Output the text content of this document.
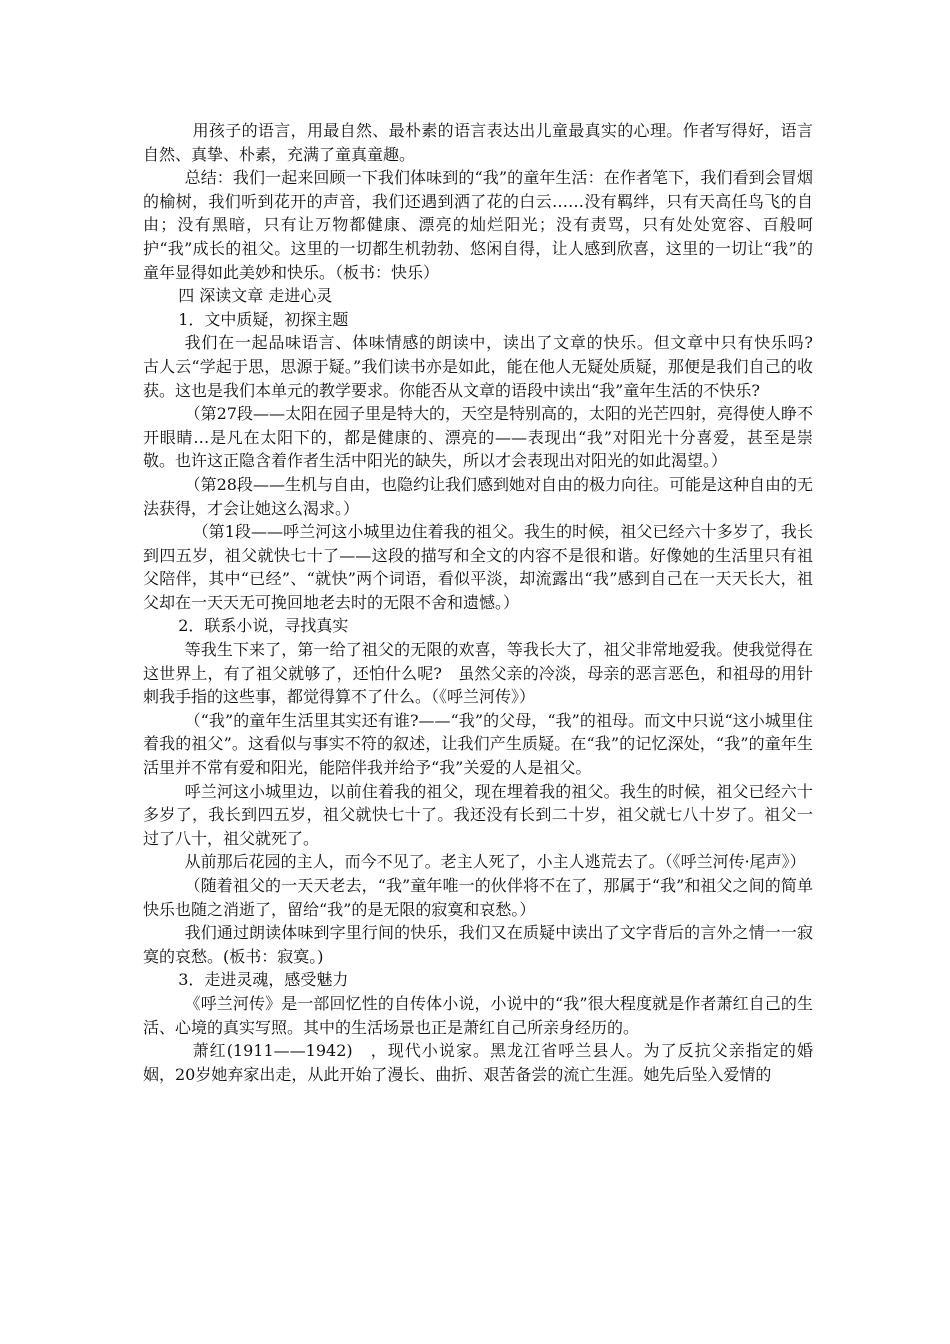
用孩子的语言，用最自然、最朴素的语言表达出儿童最真实的心理。作者写得好，语言自然、真挚、朴素，充满了童真童趣。

总结：我们一起来回顾一下我们体味到的“我”的童年生活：在作者笔下，我们看到会冒烟的榆树，我们听到花开的声音，我们还遇到洒了花的白云……没有羁绊，只有天高任鸟飞的自由；没有黑暗，只有让万物都健康、漂亮的灿烂阳光；没有责骂，只有处处宽容、百般呵护“我”成长的祖父。这里的一切都生机勃勃、悠闲自得，让人感到欣喜，这里的一切让“我”的童年显得如此美妙和快乐。（板书：快乐）

四 深读文章 走进心灵

1．文中质疑，初探主题

我们在一起品味语言、体味情感的朗读中，读出了文章的快乐。但文章中只有快乐吗?　古人云“学起于思，思源于疑。”我们读书亦是如此，能在他人无疑处质疑，那便是我们自己的收获。这也是我们本单元的教学要求。你能否从文章的语段中读出“我”童年生活的不快乐?

（第27段——太阳在园子里是特大的，天空是特别高的，太阳的光芒四射，亮得使人睁不开眼睛…是凡在太阳下的，都是健康的、漂亮的——表现出“我”对阳光十分喜爱，甚至是崇敬。也许这正隐含着作者生活中阳光的缺失，所以才会表现出对阳光的如此渴望。）

（第28段——生机与自由，也隐约让我们感到她对自由的极力向往。可能是这种自由的无法获得，才会让她这么渴求。）

（第1段——呼兰河这小城里边住着我的祖父。我生的时候，祖父已经六十多岁了，我长到四五岁，祖父就快七十了——这段的描写和全文的内容不是很和谐。好像她的生活里只有祖父陪伴，其中“已经”、“就快”两个词语，看似平淡，却流露出“我”感到自己在一天天长大，祖父却在一天天无可挽回地老去时的无限不舍和遗憾。）

2．联系小说，寻找真实

等我生下来了，第一给了祖父的无限的欢喜，等我长大了，祖父非常地爱我。使我觉得在这世界上，有了祖父就够了，还怕什么呢?　虽然父亲的冷淡，母亲的恶言恶色，和祖母的用针刺我手指的这些事，都觉得算不了什么。（《呼兰河传》）

（“我”的童年生活里其实还有谁?——“我”的父母，“我”的祖母。而文中只说“这小城里住着我的祖父”。这看似与事实不符的叙述，让我们产生质疑。在“我”的记忆深处，“我”的童年生活里并不常有爱和阳光，能陪伴我并给予“我”关爱的人是祖父。

呼兰河这小城里边，以前住着我的祖父，现在埋着我的祖父。我生的时候，祖父已经六十多岁了，我长到四五岁，祖父就快七十了。我还没有长到二十岁，祖父就七八十岁了。祖父一过了八十，祖父就死了。

从前那后花园的主人，而今不见了。老主人死了，小主人逃荒去了。（《呼兰河传·尾声》）

（随着祖父的一天天老去，“我”童年唯一的伙伴将不在了，那属于“我”和祖父之间的简单快乐也随之消逝了，留给“我”的是无限的寂寞和哀愁。）

我们通过朗读体味到字里行间的快乐，我们又在质疑中读出了文字背后的言外之情一一寂寞的哀愁。(板书：寂寞。)

3．走进灵魂，感受魅力

《呼兰河传》是一部回忆性的自传体小说，小说中的“我”很大程度就是作者萧红自己的生活、心境的真实写照。其中的生活场景也正是萧红自己所亲身经历的。

萧红(1911——1942)　，现代小说家。黑龙江省呼兰县人。为了反抗父亲指定的婚姻，20岁她弃家出走，从此开始了漫长、曲折、艰苦备尝的流亡生涯。她先后坠入爱情的
